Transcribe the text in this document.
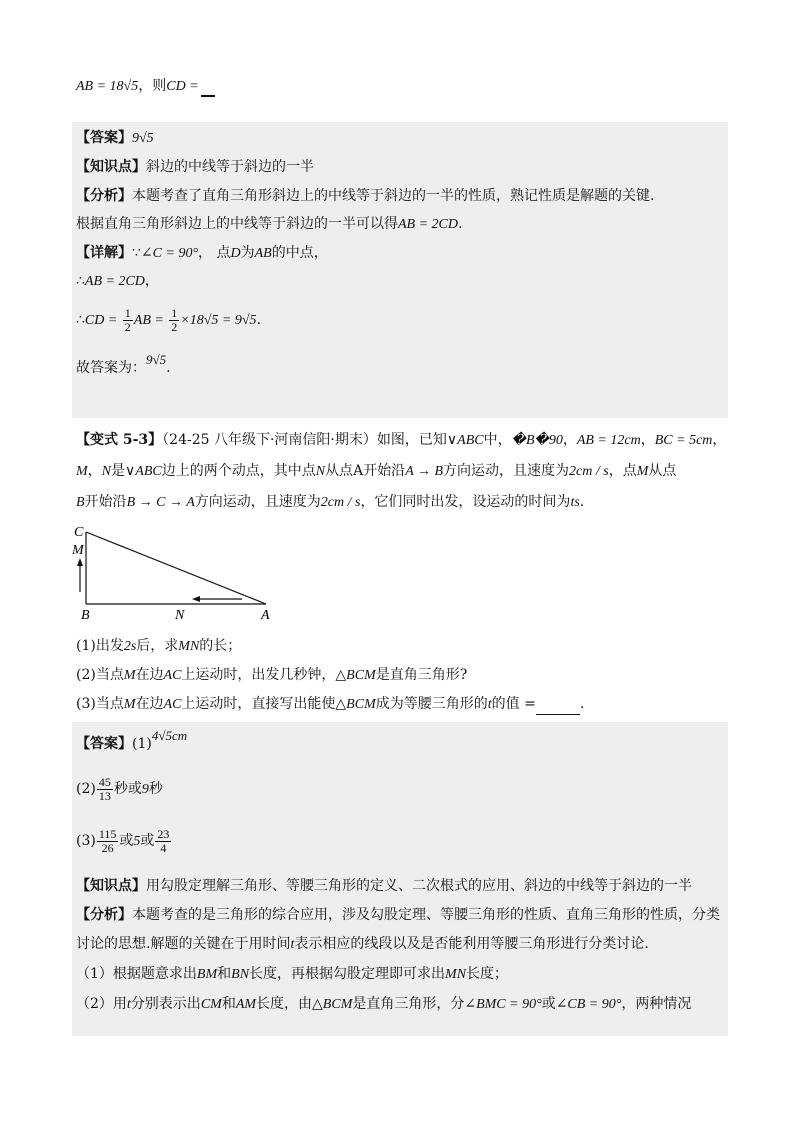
AB = 18√5，则CD =
【答案】9√5
【知识点】斜边的中线等于斜边的一半
【分析】本题考查了直角三角形斜边上的中线等于斜边的一半的性质，熟记性质是解题的关键.
根据直角三角形斜边上的中线等于斜边的一半可以得AB = 2CD.
【详解】∵∠C = 90°， 点D为AB的中点，
∴AB = 2CD，
∴CD = $\frac{1}{2}$ AB = $\frac{1}{2} \times 18√5 = 9√5$.
故答案为：9√5.
【变式 5-3】（24-25 八年级下·河南信阳·期末）如图，已知∨ABC中，�B�90，AB = 12cm，BC = 5cm，
M，N是∨ABC边上的两个动点，其中点N从点A开始沿A → B方向运动，且速度为2cm / s，点M从点
B开始沿B → C → A方向运动，且速度为2cm / s，它们同时出发，设运动的时间为ts.
C
M
B	N	A
(1)出发2s后，求MN的长；
(2)当点M在边AC上运动时，出发几秒钟，△BCM是直角三角形?
(3)当点M在边AC上运动时，直接写出能使△BCM成为等腰三角形的t的值 =	.
【答案】(1)4√5cm
$(2) \frac{45}{13}$ 秒或9秒
$(3) \frac{115}{26}$ 或5或 $\frac{23}{4}$
【知识点】用勾股定理解三角形、等腰三角形的定义、二次根式的应用、斜边的中线等于斜边的一半
【分析】本题考查的是三角形的综合应用，涉及勾股定理、等腰三角形的性质、直角三角形的性质，分类
讨论的思想.解题的关键在于用时间t表示相应的线段以及是否能利用等腰三角形进行分类讨论.
（1）根据题意求出BM和BN长度，再根据勾股定理即可求出MN长度；
（2）用t分别表示出CM和AM长度，由△BCM是直角三角形，分∠BMC = 90°或∠CB = 90°，两种情况
